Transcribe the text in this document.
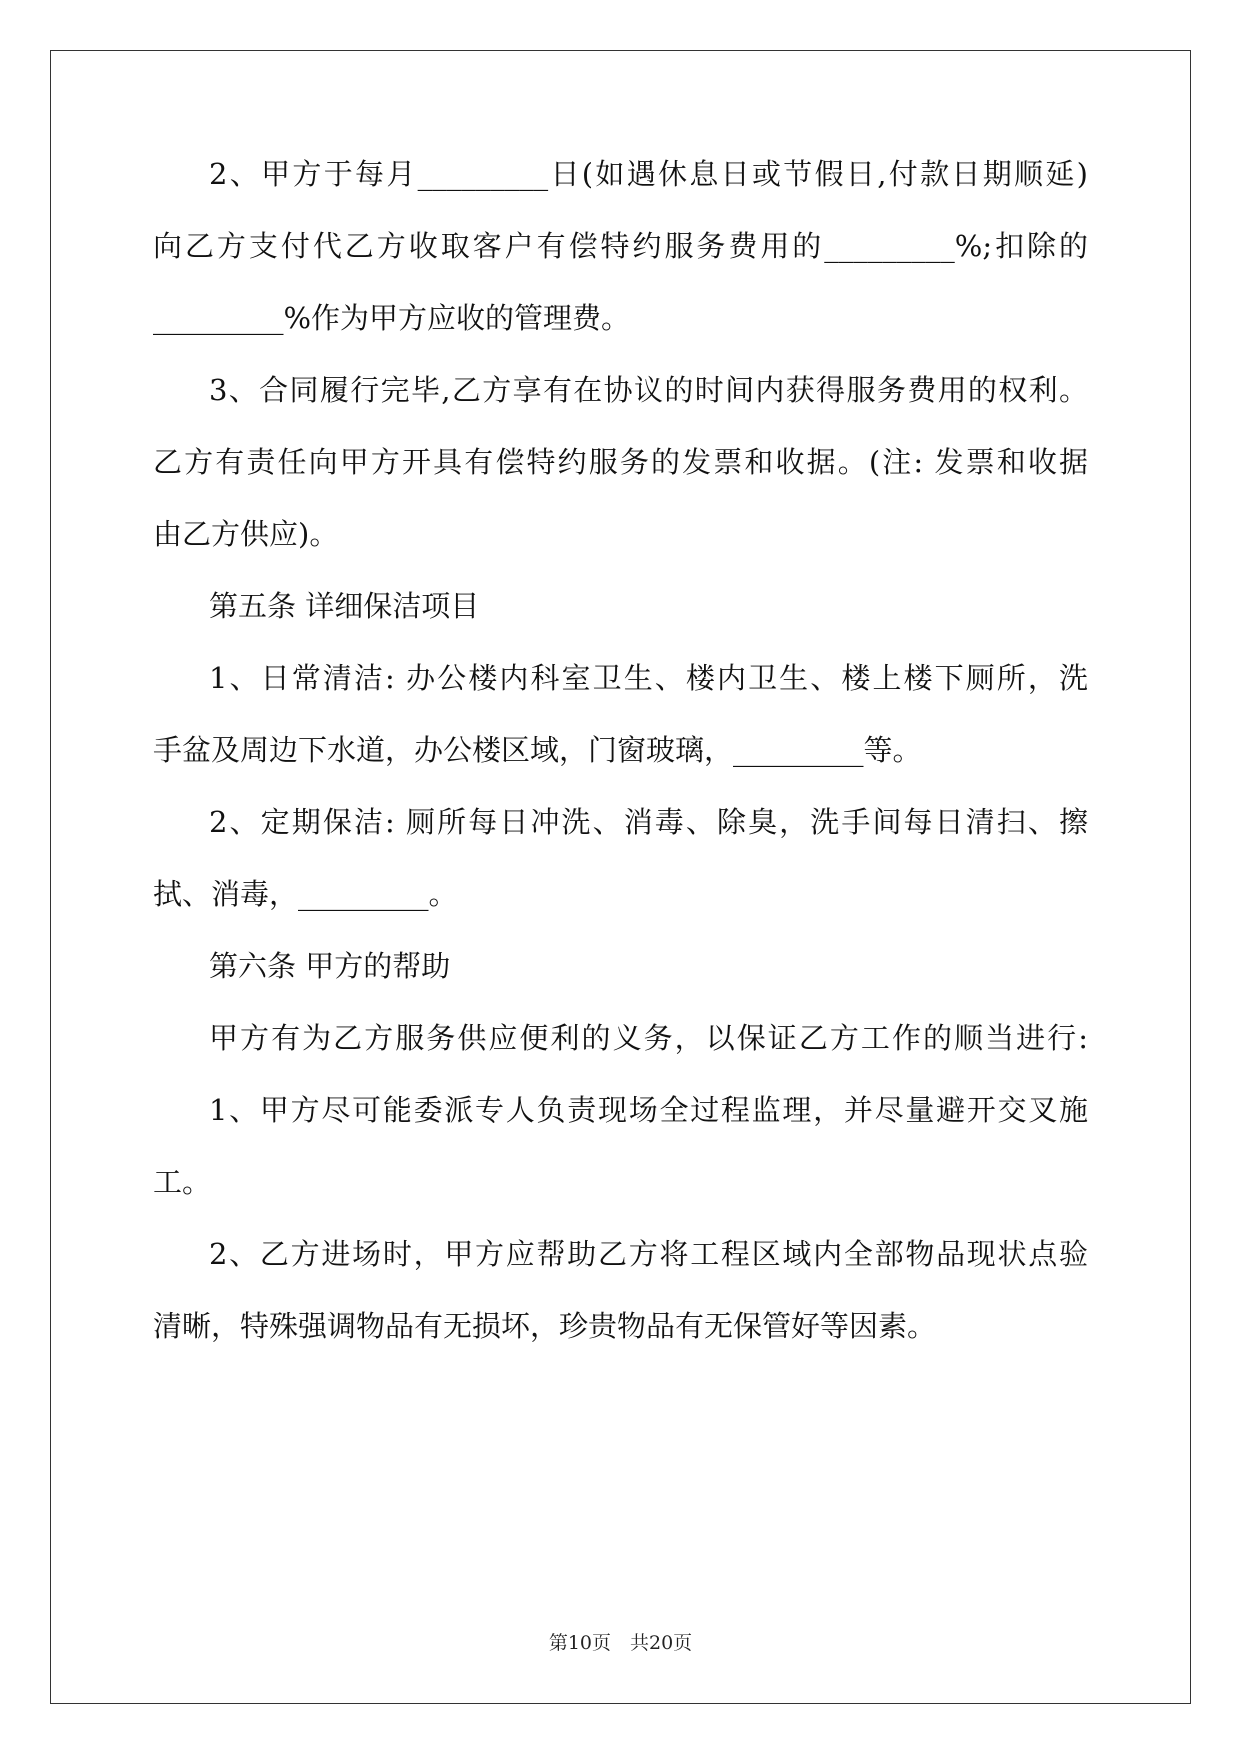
2、甲方于每月_________日(如遇休息日或节假日,付款日期顺延)
向乙方支付代乙方收取客户有偿特约服务费用的_________%;扣除的
_________%作为甲方应收的管理费。
3、合同履行完毕,乙方享有在协议的时间内获得服务费用的权利。
乙方有责任向甲方开具有偿特约服务的发票和收据。(注: 发票和收据
由乙方供应)。
第五条 详细保洁项目
1、日常清洁: 办公楼内科室卫生、楼内卫生、楼上楼下厕所，洗
手盆及周边下水道，办公楼区域，门窗玻璃，_________等。
2、定期保洁: 厕所每日冲洗、消毒、除臭，洗手间每日清扫、擦
拭、消毒，_________。
第六条 甲方的帮助
甲方有为乙方服务供应便利的义务，以保证乙方工作的顺当进行:
1、甲方尽可能委派专人负责现场全过程监理，并尽量避开交叉施
工。
2、乙方进场时，甲方应帮助乙方将工程区域内全部物品现状点验
清晰，特殊强调物品有无损坏，珍贵物品有无保管好等因素。
第10页　共20页
